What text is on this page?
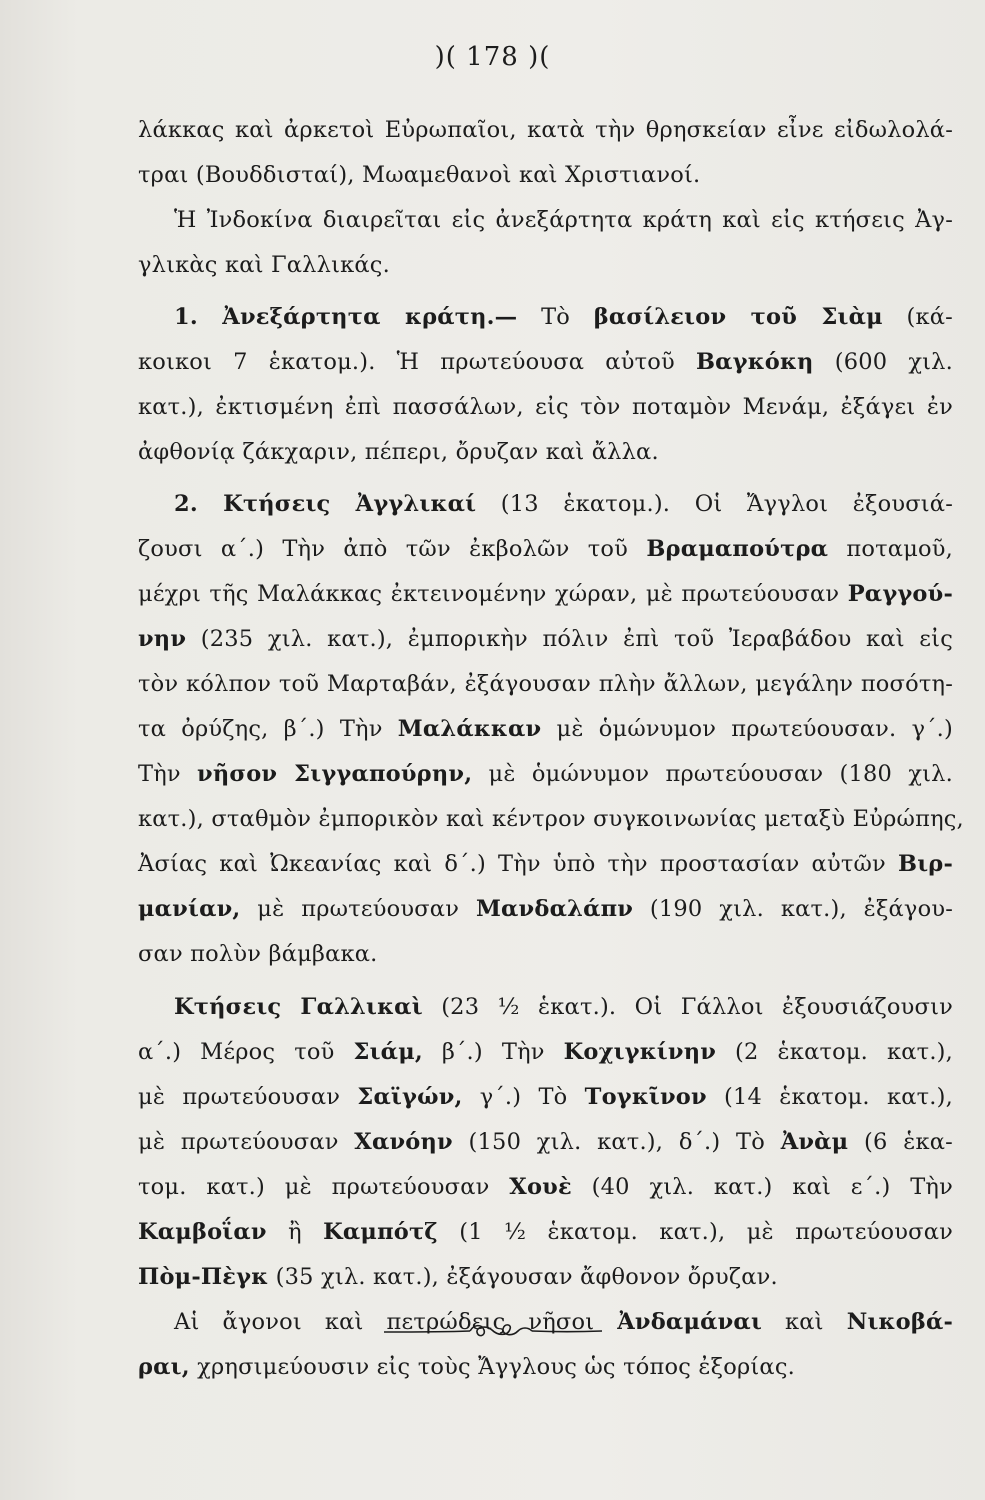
)( 178 )(
λάκκας καὶ ἀρκετοὶ Εὐρωπαῖοι, κατὰ τὴν θρησκείαν εἶνε εἰδωλολά-
τραι (Βουδδισταί), Μωαμεθανοὶ καὶ Χριστιανοί.
Ἡ Ἰνδοκίνα διαιρεῖται εἰς ἀνεξάρτητα κράτη καὶ εἰς κτήσεις Ἀγ-
γλικὰς καὶ Γαλλικάς.
1. Ἀνεξάρτητα κράτη.— Τὸ βασίλειον τοῦ Σιὰμ (κά-
κοικοι 7 ἑκατομ.). Ἡ πρωτεύουσα αὐτοῦ Βαγκόκη (600 χιλ.
κατ.), ἐκτισμένη ἐπὶ πασσάλων, εἰς τὸν ποταμὸν Μενάμ, ἐξάγει ἐν
ἀφθονίᾳ ζάκχαριν, πέπερι, ὄρυζαν καὶ ἄλλα.
2. Κτήσεις Ἀγγλικαί (13 ἑκατομ.). Οἱ Ἄγγλοι ἐξουσιά-
ζουσι α΄.) Τὴν ἀπὸ τῶν ἐκβολῶν τοῦ Βραμαπούτρα ποταμοῦ,
μέχρι τῆς Μαλάκκας ἐκτεινομένην χώραν, μὲ πρωτεύουσαν Ραγγού-
νην (235 χιλ. κατ.), ἐμπορικὴν πόλιν ἐπὶ τοῦ Ἰεραβάδου καὶ εἰς
τὸν κόλπον τοῦ Μαρταβάν, ἐξάγουσαν πλὴν ἄλλων, μεγάλην ποσότη-
τα ὀρύζης, β΄.) Τὴν Μαλάκκαν μὲ ὁμώνυμον πρωτεύουσαν. γ΄.)
Τὴν νῆσον Σιγγαπούρην, μὲ ὁμώνυμον πρωτεύουσαν (180 χιλ.
κατ.), σταθμὸν ἐμπορικὸν καὶ κέντρον συγκοινωνίας μεταξὺ Εὐρώπης,
Ἀσίας καὶ Ὠκεανίας καὶ δ΄.) Τὴν ὑπὸ τὴν προστασίαν αὐτῶν Βιρ-
μανίαν, μὲ πρωτεύουσαν Μανδαλάπν (190 χιλ. κατ.), ἐξάγου-
σαν πολὺν βάμβακα.
Κτήσεις Γαλλικαὶ (23 ½ ἑκατ.). Οἱ Γάλλοι ἐξουσιάζουσιν
α΄.) Μέρος τοῦ Σιάμ, β΄.) Τὴν Κοχιγκίνην (2 ἑκατομ. κατ.),
μὲ πρωτεύουσαν Σαϊγών, γ΄.) Τὸ Τογκῖνον (14 ἑκατομ. κατ.),
μὲ πρωτεύουσαν Χανόην (150 χιλ. κατ.), δ΄.) Τὸ Ἀνὰμ (6 ἑκα-
τομ. κατ.) μὲ πρωτεύουσαν Χουὲ (40 χιλ. κατ.) καὶ ε΄.) Τὴν
Καμβοΐαν ἢ Καμπότζ (1 ½ ἑκατομ. κατ.), μὲ πρωτεύουσαν
Πὸμ-Πὲγκ (35 χιλ. κατ.), ἐξάγουσαν ἄφθονον ὄρυζαν.
Αἱ ἄγονοι καὶ πετρώδεις νῆσοι Ἀνδαμάναι καὶ Νικοβά-
ραι, χρησιμεύουσιν εἰς τοὺς Ἄγγλους ὡς τόπος ἐξορίας.
